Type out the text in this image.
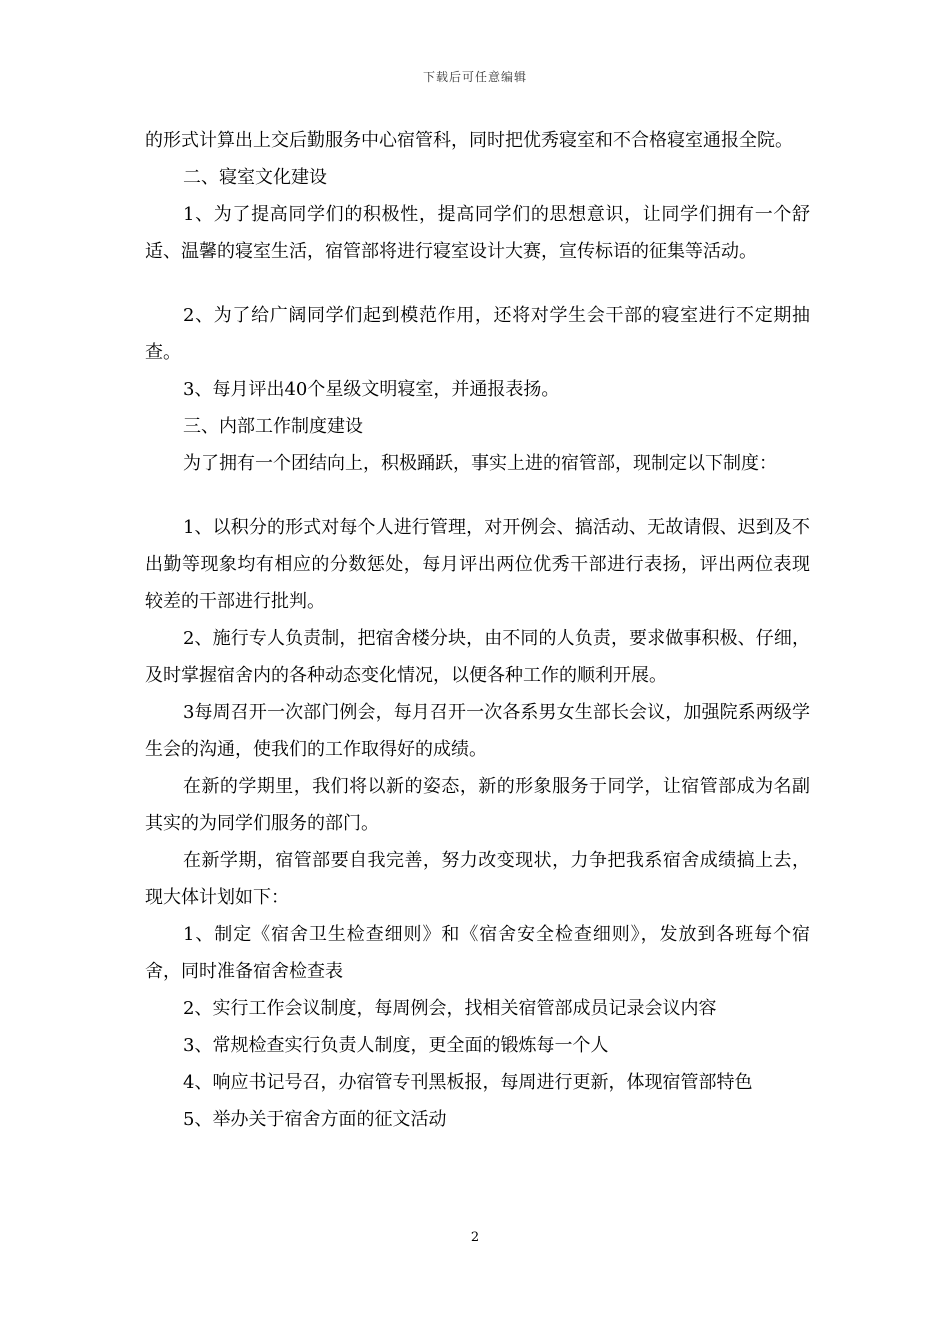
下载后可任意编辑

的形式计算出上交后勤服务中心宿管科，同时把优秀寝室和不合格寝室通报全院。

二、寝室文化建设

1、为了提高同学们的积极性，提高同学们的思想意识，让同学们拥有一个舒适、温馨的寝室生活，宿管部将进行寝室设计大赛，宣传标语的征集等活动。

2、为了给广阔同学们起到模范作用，还将对学生会干部的寝室进行不定期抽查。

3、每月评出40个星级文明寝室，并通报表扬。

三、内部工作制度建设

为了拥有一个团结向上，积极踊跃，事实上进的宿管部，现制定以下制度：

1、以积分的形式对每个人进行管理，对开例会、搞活动、无故请假、迟到及不出勤等现象均有相应的分数惩处，每月评出两位优秀干部进行表扬，评出两位表现较差的干部进行批判。

2、施行专人负责制，把宿舍楼分块，由不同的人负责，要求做事积极、仔细，及时掌握宿舍内的各种动态变化情况，以便各种工作的顺利开展。

3每周召开一次部门例会，每月召开一次各系男女生部长会议，加强院系两级学生会的沟通，使我们的工作取得好的成绩。

在新的学期里，我们将以新的姿态，新的形象服务于同学，让宿管部成为名副其实的为同学们服务的部门。

在新学期，宿管部要自我完善，努力改变现状，力争把我系宿舍成绩搞上去，现大体计划如下：

1、制定《宿舍卫生检查细则》和《宿舍安全检查细则》，发放到各班每个宿舍，同时准备宿舍检查表

2、实行工作会议制度，每周例会，找相关宿管部成员记录会议内容

3、常规检查实行负责人制度，更全面的锻炼每一个人

4、响应书记号召，办宿管专刊黑板报，每周进行更新，体现宿管部特色

5、举办关于宿舍方面的征文活动

2
